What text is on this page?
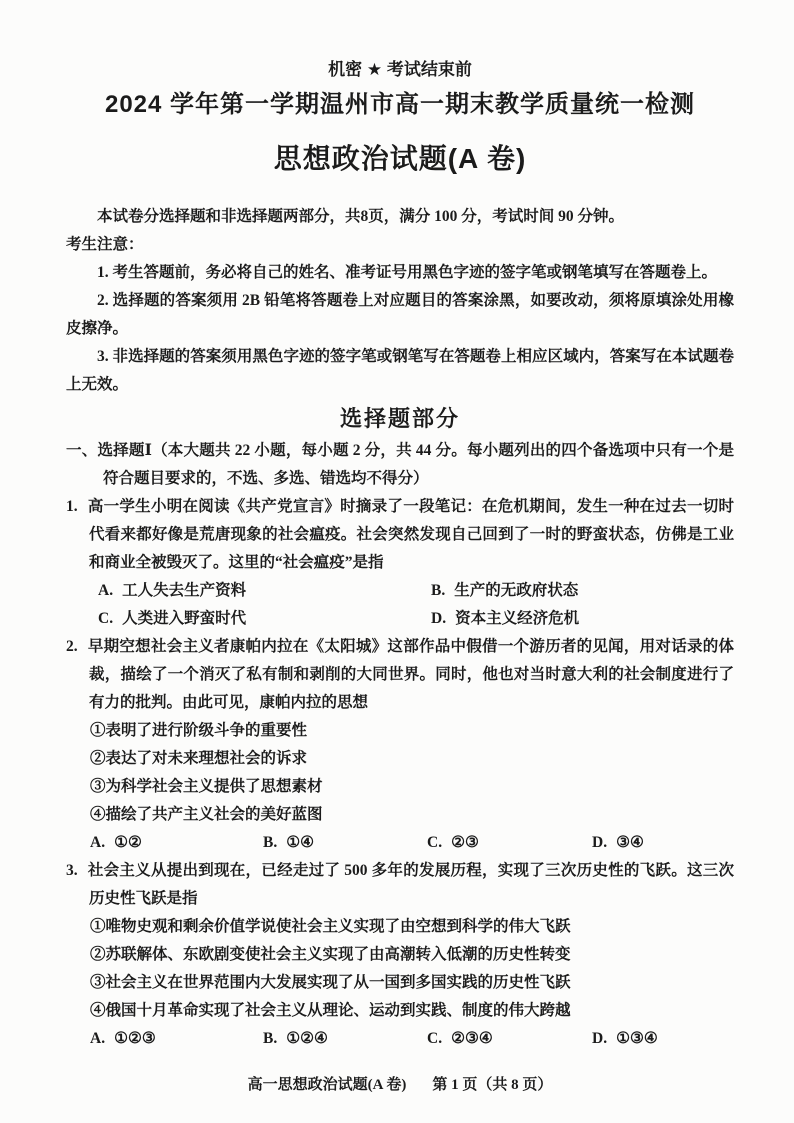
机密 ★ 考试结束前

2024 学年第一学期温州市高一期末教学质量统一检测
思想政治试题(A 卷)

本试卷分选择题和非选择题两部分，共8页，满分 100 分，考试时间 90 分钟。

考生注意：

1. 考生答题前，务必将自己的姓名、准考证号用黑色字迹的签字笔或钢笔填写在答题卷上。

2. 选择题的答案须用 2B 铅笔将答题卷上对应题目的答案涂黑，如要改动，须将原填涂处用橡皮擦净。

3. 非选择题的答案须用黑色字迹的签字笔或钢笔写在答题卷上相应区域内，答案写在本试题卷上无效。

选择题部分

一、选择题Ⅰ（本大题共 22 小题，每小题 2 分，共 44 分。每小题列出的四个备选项中只有一个是符合题目要求的，不选、多选、错选均不得分）

1. 高一学生小明在阅读《共产党宣言》时摘录了一段笔记：在危机期间，发生一种在过去一切时代看来都好像是荒唐现象的社会瘟疫。社会突然发现自己回到了一时的野蛮状态，仿佛是工业和商业全被毁灭了。这里的“社会瘟疫”是指

A. 工人失去生产资料	B. 生产的无政府状态
C. 人类进入野蛮时代	D. 资本主义经济危机

2. 早期空想社会主义者康帕内拉在《太阳城》这部作品中假借一个游历者的见闻，用对话录的体裁，描绘了一个消灭了私有制和剥削的大同世界。同时，他也对当时意大利的社会制度进行了有力的批判。由此可见，康帕内拉的思想

①表明了进行阶级斗争的重要性

②表达了对未来理想社会的诉求

③为科学社会主义提供了思想素材

④描绘了共产主义社会的美好蓝图

A. ①②	B. ①④	C. ②③	D. ③④

3. 社会主义从提出到现在，已经走过了 500 多年的发展历程，实现了三次历史性的飞跃。这三次历史性飞跃是指

①唯物史观和剩余价值学说使社会主义实现了由空想到科学的伟大飞跃

②苏联解体、东欧剧变使社会主义实现了由高潮转入低潮的历史性转变

③社会主义在世界范围内大发展实现了从一国到多国实践的历史性飞跃

④俄国十月革命实现了社会主义从理论、运动到实践、制度的伟大跨越

A. ①②③	B. ①②④	C. ②③④	D. ①③④
高一思想政治试题(A 卷) 第 1 页（共 8 页）
